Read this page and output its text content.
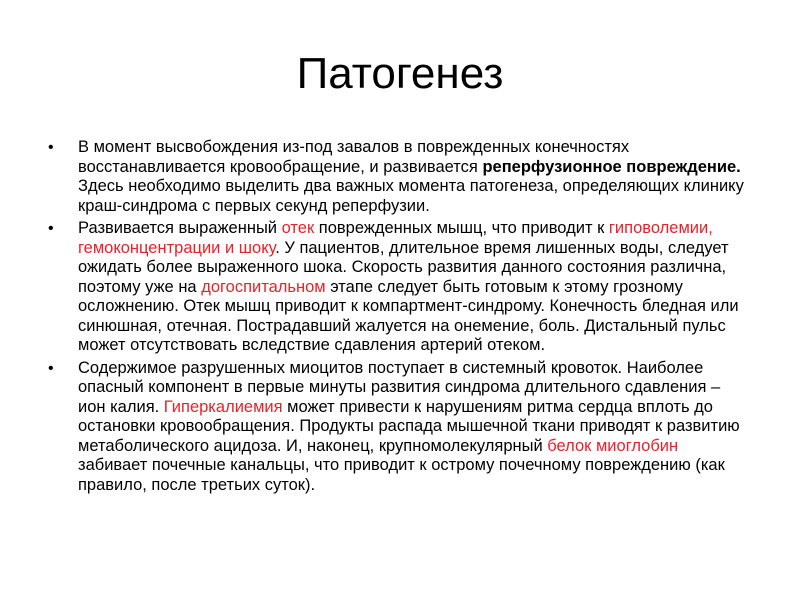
Патогенез
• В момент высвобождения из-под завалов в поврежденных конечностях восстанавливается кровообращение, и развивается реперфузионное повреждение. Здесь необходимо выделить два важных момента патогенеза, определяющих клинику краш-синдрома с первых секунд реперфузии.
• Развивается выраженный отек поврежденных мышц, что приводит к гиповолемии, гемоконцентрации и шоку. У пациентов, длительное время лишенных воды, следует ожидать более выраженного шока. Скорость развития данного состояния различна, поэтому уже на догоспитальном этапе следует быть готовым к этому грозному осложнению. Отек мышц приводит к компартмент-синдрому. Конечность бледная или синюшная, отечная. Пострадавший жалуется на онемение, боль. Дистальный пульс может отсутствовать вследствие сдавления артерий отеком.
• Содержимое разрушенных миоцитов поступает в системный кровоток. Наиболее опасный компонент в первые минуты развития синдрома длительного сдавления – ион калия. Гиперкалиемия может привести к нарушениям ритма сердца вплоть до остановки кровообращения. Продукты распада мышечной ткани приводят к развитию метаболического ацидоза. И, наконец, крупномолекулярный белок миоглобин забивает почечные канальцы, что приводит к острому почечному повреждению (как правило, после третьих суток).
